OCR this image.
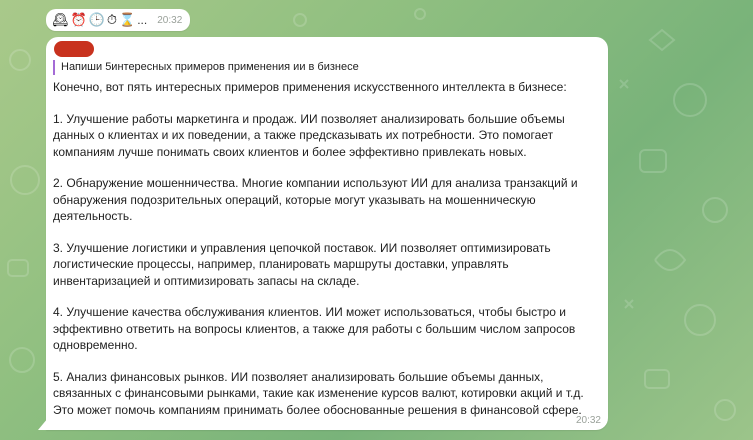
🕰 ⏰ 🕒 ⏱ ⌛ ... 20:32
Напиши 5интересных примеров применения ии в бизнесе

Конечно, вот пять интересных примеров применения искусственного интеллекта в бизнесе:

1. Улучшение работы маркетинга и продаж. ИИ позволяет анализировать большие объемы
данных о клиентах и их поведении, а также предсказывать их потребности. Это помогает
компаниям лучше понимать своих клиентов и более эффективно привлекать новых.

2. Обнаружение мошенничества. Многие компании используют ИИ для анализа транзакций и
обнаружения подозрительных операций, которые могут указывать на мошенническую
деятельность.

3. Улучшение логистики и управления цепочкой поставок. ИИ позволяет оптимизировать
логистические процессы, например, планировать маршруты доставки, управлять
инвентаризацией и оптимизировать запасы на складе.

4. Улучшение качества обслуживания клиентов. ИИ может использоваться, чтобы быстро и
эффективно ответить на вопросы клиентов, а также для работы с большим числом запросов
одновременно.

5. Анализ финансовых рынков. ИИ позволяет анализировать большие объемы данных,
связанных с финансовыми рынками, такие как изменение курсов валют, котировки акций и т.д.
Это может помочь компаниям принимать более обоснованные решения в финансовой сфере.

20:32
